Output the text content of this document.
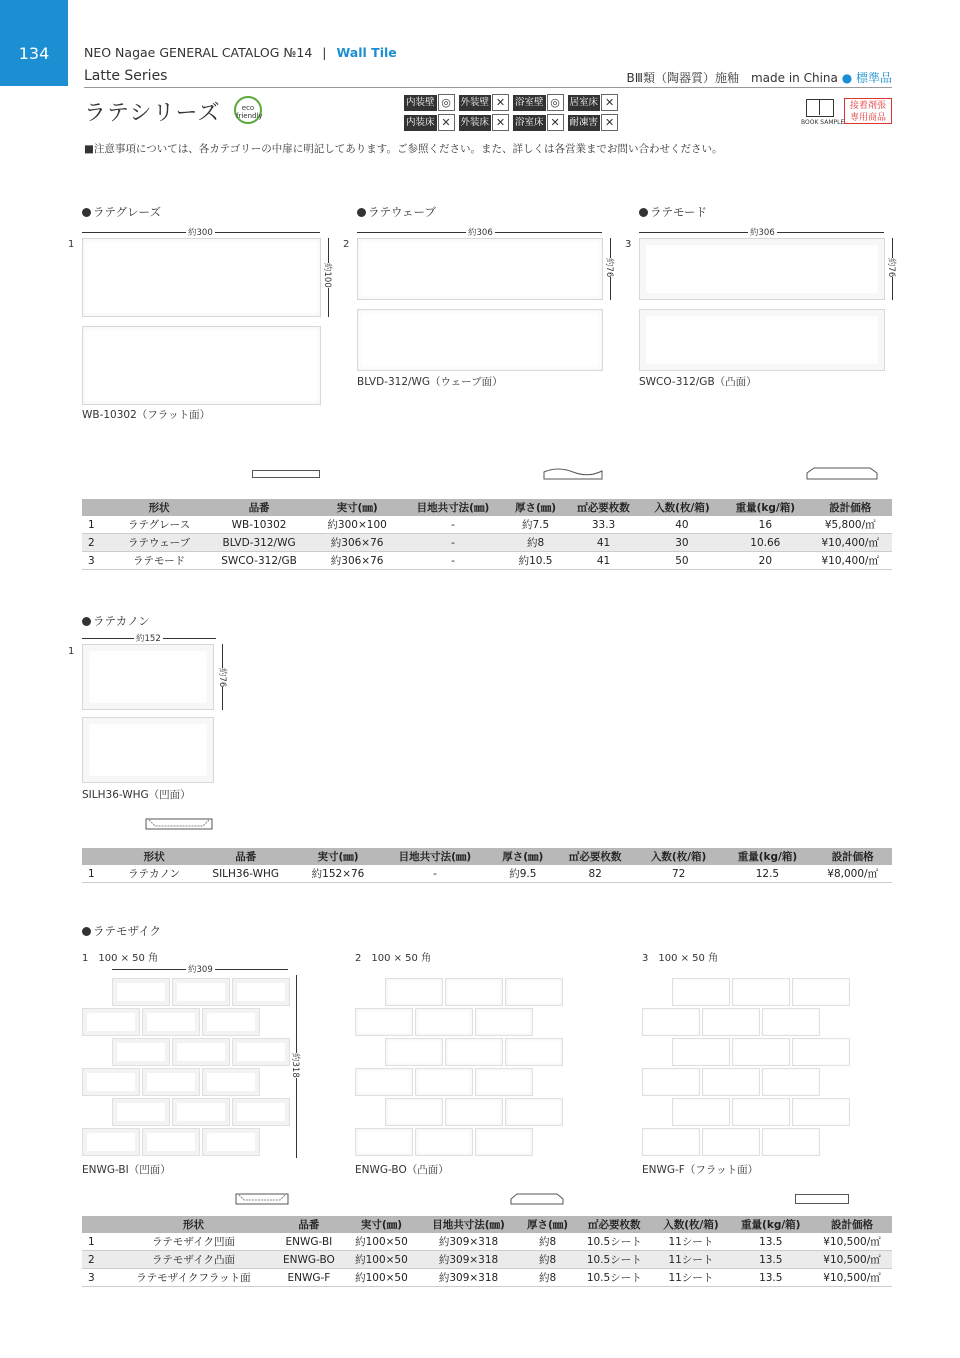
134	NEO Nagae GENERAL CATALOG №14 | Wall Tile
Latte Series	BⅢ類（陶器質）施釉　made in China ● 標準品
ラテシリーズ	eco friendly
内装壁 ◎	外装壁 ✕	浴室壁 ◎	居室床 ✕
内装床 ✕	外装床 ✕	浴室床 ✕	耐凍害 ✕	BOOK SAMPLE
接着剤張
専用商品
■注意事項については、各カテゴリーの中扉に明記してあります。ご参照ください。また、詳しくは各営業までお問い合わせください。
ラテグレーズ	ラテウェーブ	ラテモード
1	2	3
約300
約100
WB-10302（フラット面）
約306
約76
BLVD-312/WG（ウェーブ面）
約306
約76
SWCO-312/GB（凸面）
	形状	品番	実寸(㎜)	目地共寸法(㎜)	厚さ(㎜)	㎡必要枚数	入数(枚/箱)	重量(kg/箱)	設計価格
1	ラテグレース	WB-10302	約300×100	-	約7.5	33.3	40	16	¥5,800/㎡
2	ラテウェーブ	BLVD-312/WG	約306×76	-	約8	41	30	10.66	¥10,400/㎡
3	ラテモード	SWCO-312/GB	約306×76	-	約10.5	41	50	20	¥10,400/㎡
ラテカノン
1
約152
約76
SILH36-WHG（凹面）
	形状	品番	実寸(㎜)	目地共寸法(㎜)	厚さ(㎜)	㎡必要枚数	入数(枚/箱)	重量(kg/箱)	設計価格
1	ラテカノン	SILH36-WHG	約152×76	-	約9.5	82	72	12.5	¥8,000/㎡
ラテモザイク
1　100 × 50 角	2　100 × 50 角	3　100 × 50 角
約309
約318
ENWG-BI（凹面）	ENWG-BO（凸面）	ENWG-F（フラット面）
	形状	品番	実寸(㎜)	目地共寸法(㎜)	厚さ(㎜)	㎡必要枚数	入数(枚/箱)	重量(kg/箱)	設計価格
1	ラテモザイク凹面	ENWG-BI	約100×50	約309×318	約8	10.5シート	11シート	13.5	¥10,500/㎡
2	ラテモザイク凸面	ENWG-BO	約100×50	約309×318	約8	10.5シート	11シート	13.5	¥10,500/㎡
3	ラテモザイクフラット面	ENWG-F	約100×50	約309×318	約8	10.5シート	11シート	13.5	¥10,500/㎡
